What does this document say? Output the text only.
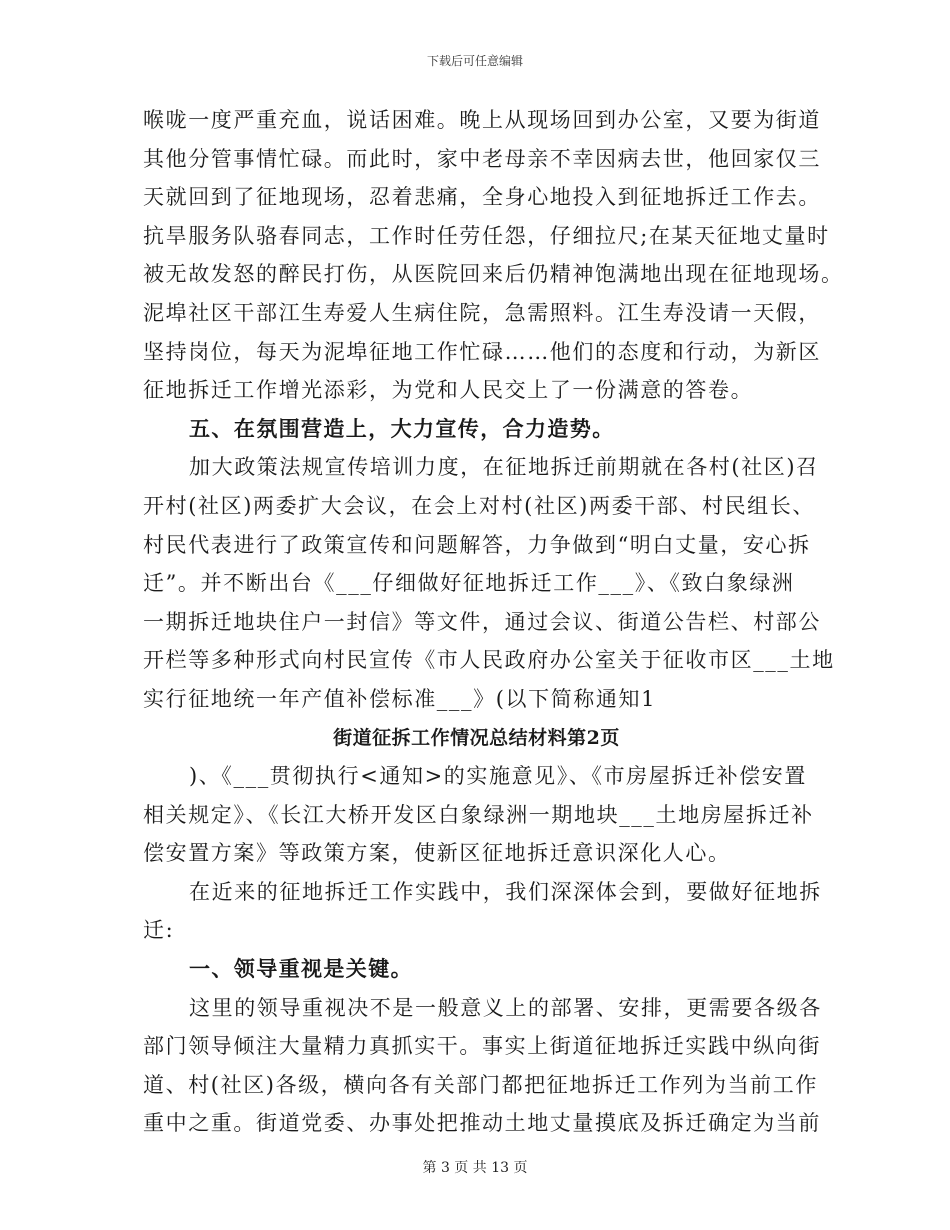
下载后可任意编辑
喉咙一度严重充血，说话困难。晚上从现场回到办公室，又要为街道
其他分管事情忙碌。而此时，家中老母亲不幸因病去世，他回家仅三
天就回到了征地现场，忍着悲痛，全身心地投入到征地拆迁工作去。
抗旱服务队骆春同志，工作时任劳任怨，仔细拉尺;在某天征地丈量时
被无故发怒的醉民打伤，从医院回来后仍精神饱满地出现在征地现场。
泥埠社区干部江生寿爱人生病住院，急需照料。江生寿没请一天假，
坚持岗位，每天为泥埠征地工作忙碌……他们的态度和行动，为新区
征地拆迁工作增光添彩，为党和人民交上了一份满意的答卷。
五、在氛围营造上，大力宣传，合力造势。
加大政策法规宣传培训力度，在征地拆迁前期就在各村(社区)召
开村(社区)两委扩大会议，在会上对村(社区)两委干部、村民组长、
村民代表进行了政策宣传和问题解答，力争做到“明白丈量，安心拆
迁”。并不断出台《___仔细做好征地拆迁工作___》、《致白象绿洲
一期拆迁地块住户一封信》等文件，通过会议、街道公告栏、村部公
开栏等多种形式向村民宣传《市人民政府办公室关于征收市区___土地
实行征地统一年产值补偿标准___》(以下简称通知1
街道征拆工作情况总结材料第2页
)、《___贯彻执行<通知>的实施意见》、《市房屋拆迁补偿安置
相关规定》、《长江大桥开发区白象绿洲一期地块___土地房屋拆迁补
偿安置方案》等政策方案，使新区征地拆迁意识深化人心。
在近来的征地拆迁工作实践中，我们深深体会到，要做好征地拆
迁:
一、领导重视是关键。
这里的领导重视决不是一般意义上的部署、安排，更需要各级各
部门领导倾注大量精力真抓实干。事实上街道征地拆迁实践中纵向街
道、村(社区)各级，横向各有关部门都把征地拆迁工作列为当前工作
重中之重。街道党委、办事处把推动土地丈量摸底及拆迁确定为当前
第 3 页 共 13 页
